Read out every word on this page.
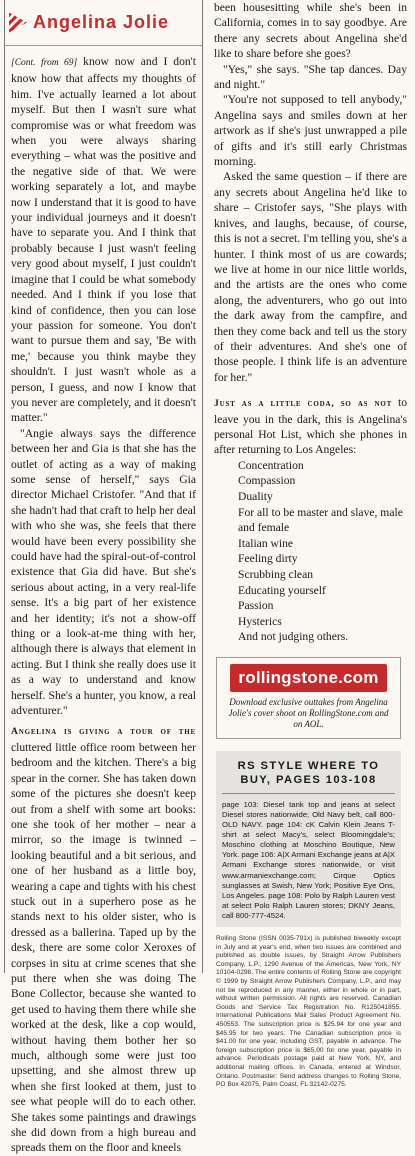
Angelina Jolie

[Cont. from 69] know now and I don't know how that affects my thoughts of him. I've actually learned a lot about myself. But then I wasn't sure what compromise was or what freedom was when you were always sharing everything – what was the positive and the negative side of that. We were working separately a lot, and maybe now I understand that it is good to have your individual journeys and it doesn't have to separate you. And I think that probably because I just wasn't feeling very good about myself, I just couldn't imagine that I could be what somebody needed. And I think if you lose that kind of confidence, then you can lose your passion for someone. You don't want to pursue them and say, 'Be with me,' because you think maybe they shouldn't. I just wasn't whole as a person, I guess, and now I know that you never are completely, and it doesn't matter."

"Angie always says the difference between her and Gia is that she has the outlet of acting as a way of making some sense of herself," says Gia director Michael Cristofer. "And that if she hadn't had that craft to help her deal with who she was, she feels that there would have been every possibility she could have had the spiral-out-of-control existence that Gia did have. But she's serious about acting, in a very real-life sense. It's a big part of her existence and her identity; it's not a show-off thing or a look-at-me thing with her, although there is always that element in acting. But I think she really does use it as a way to understand and know herself. She's a hunter, you know, a real adventurer."

Angelina is giving a tour of the cluttered little office room between her bedroom and the kitchen. There's a big spear in the corner. She has taken down some of the pictures she doesn't keep out from a shelf with some art books: one she took of her mother – near a mirror, so the image is twinned – looking beautiful and a bit serious, and one of her husband as a little boy, wearing a cape and tights with his chest stuck out in a superhero pose as he stands next to his older sister, who is dressed as a ballerina. Taped up by the desk, there are some color Xeroxes of corpses in situ at crime scenes that she put there when she was doing The Bone Collector, because she wanted to get used to having them there while she worked at the desk, like a cop would, without having them bother her so much, although some were just too upsetting, and she almost threw up when she first looked at them, just to see what people will do to each other. She takes some paintings and drawings she did down from a high bureau and spreads them on the floor and kneels

been housesitting while she's been in California, comes in to say goodbye. Are there any secrets about Angelina she'd like to share before she goes?

"Yes," she says. "She tap dances. Day and night."

"You're not supposed to tell anybody," Angelina says and smiles down at her artwork as if she's just unwrapped a pile of gifts and it's still early Christmas morning.

Asked the same question – if there are any secrets about Angelina he'd like to share – Cristofer says, "She plays with knives, and laughs, because, of course, this is not a secret. I'm telling you, she's a hunter. I think most of us are cowards; we live at home in our nice little worlds, and the artists are the ones who come along, the adventurers, who go out into the dark away from the campfire, and then they come back and tell us the story of their adventures. And she's one of those people. I think life is an adventure for her."

Just as a little coda, so as not to leave you in the dark, this is Angelina's personal Hot List, which she phones in after returning to Los Angeles:

Concentration
Compassion
Duality
For all to be master and slave, male and female
Italian wine
Feeling dirty
Scrubbing clean
Educating yourself
Passion
Hysterics
And not judging others.
rollingstone.com
Download exclusive outtakes from Angelina Jolie's cover shoot on RollingStone.com and on AOL.
RS STYLE WHERE TO BUY, PAGES 103-108
page 103: Diesel tank top and jeans at select Diesel stores nationwide; Old Navy belt, call 800-OLD NAVY. page 104: cK Calvin Klein Jeans T-shirt at select Macy's, select Bloomingdale's; Moschino clothing at Moschino Boutique, New York. page 106: A|X Armani Exchange jeans at A|X Armani Exchange stores nationwide, or visit www.armaniexchange.com; Cirque Optics sunglasses at Swish, New York; Positive Eye Ons, Los Angeles. page 108: Polo by Ralph Lauren vest at select Polo Ralph Lauren stores; DKNY Jeans, call 800-777-4524.
Rolling Stone (ISSN 0035-791x) is published biweekly except in July and at year's end, when two issues are combined and published as double issues, by Straight Arrow Publishers Company, L.P., 1290 Avenue of the Americas, New York, NY 10104-0298. The entire contents of Rolling Stone are copyright © 1999 by Straight Arrow Publishers Company, L.P., and may not be reproduced in any manner, either in whole or in part, without written permission. All rights are reserved. Canadian Goods and Service Tax Registration No. R125041855. International Publications Mail Sales Product Agreement No. 450553. The subscription price is $25.94 for one year and $45.95 for two years. The Canadian subscription price is $41.00 for one year, including GST, payable in advance. The foreign subscription price is $65.00 for one year, payable in advance. Periodicals postage paid at New York, NY, and additional mailing offices. In Canada, entered at Windsor, Ontario. Postmaster: Send address changes to Rolling Stone, PO Box 42075, Palm Coast, FL 32142-0275.
